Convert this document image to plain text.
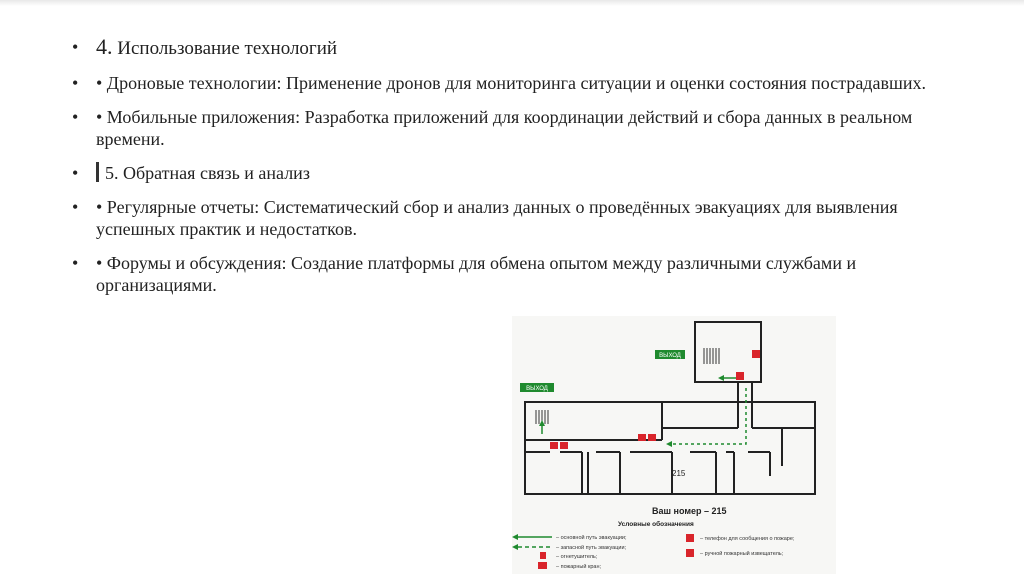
• 4. Использование технологий
• • Дроновые технологии: Применение дронов для мониторинга ситуации и оценки состояния пострадавших.
• • Мобильные приложения: Разработка приложений для координации действий и сбора данных в реальном времени.
• 5. Обратная связь и анализ
• • Регулярные отчеты: Систематический сбор и анализ данных о проведённых эвакуациях для выявления успешных практик и недостатков.
• • Форумы и обсуждения: Создание платформы для обмена опытом между различными службами и организациями.
ВЫХОД
ВЫХОД
215
Ваш номер – 215
Условные обозначения
– основной путь эвакуации;
– запасной путь эвакуации;
– огнетушитель;
– пожарный кран;
– телефон для сообщения о пожаре;
– ручной пожарный извещатель;
